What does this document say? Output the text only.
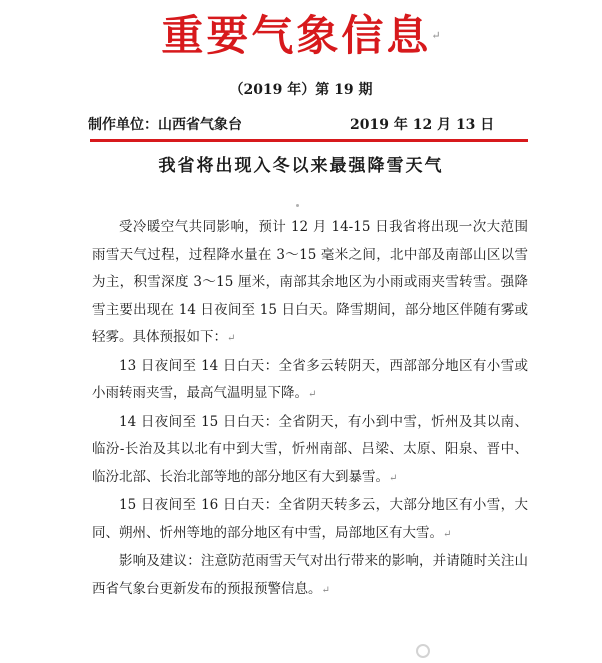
重要气象信息↵
（2019 年）第 19 期
制作单位：山西省气象台	2019 年 12 月 13 日
我省将出现入冬以来最强降雪天气

受冷暖空气共同影响，预计 12 月 14-15 日我省将出现一次大范围雨雪天气过程，过程降水量在 3～15 毫米之间，北中部及南部山区以雪为主，积雪深度 3～15 厘米，南部其余地区为小雨或雨夹雪转雪。强降雪主要出现在 14 日夜间至 15 日白天。降雪期间，部分地区伴随有雾或轻雾。具体预报如下：↵

13 日夜间至 14 日白天：全省多云转阴天，西部部分地区有小雪或小雨转雨夹雪，最高气温明显下降。↵

14 日夜间至 15 日白天：全省阴天，有小到中雪，忻州及其以南、临汾-长治及其以北有中到大雪，忻州南部、吕梁、太原、阳泉、晋中、临汾北部、长治北部等地的部分地区有大到暴雪。↵

15 日夜间至 16 日白天：全省阴天转多云，大部分地区有小雪，大同、朔州、忻州等地的部分地区有中雪，局部地区有大雪。↵

影响及建议：注意防范雨雪天气对出行带来的影响，并请随时关注山西省气象台更新发布的预报预警信息。↵
